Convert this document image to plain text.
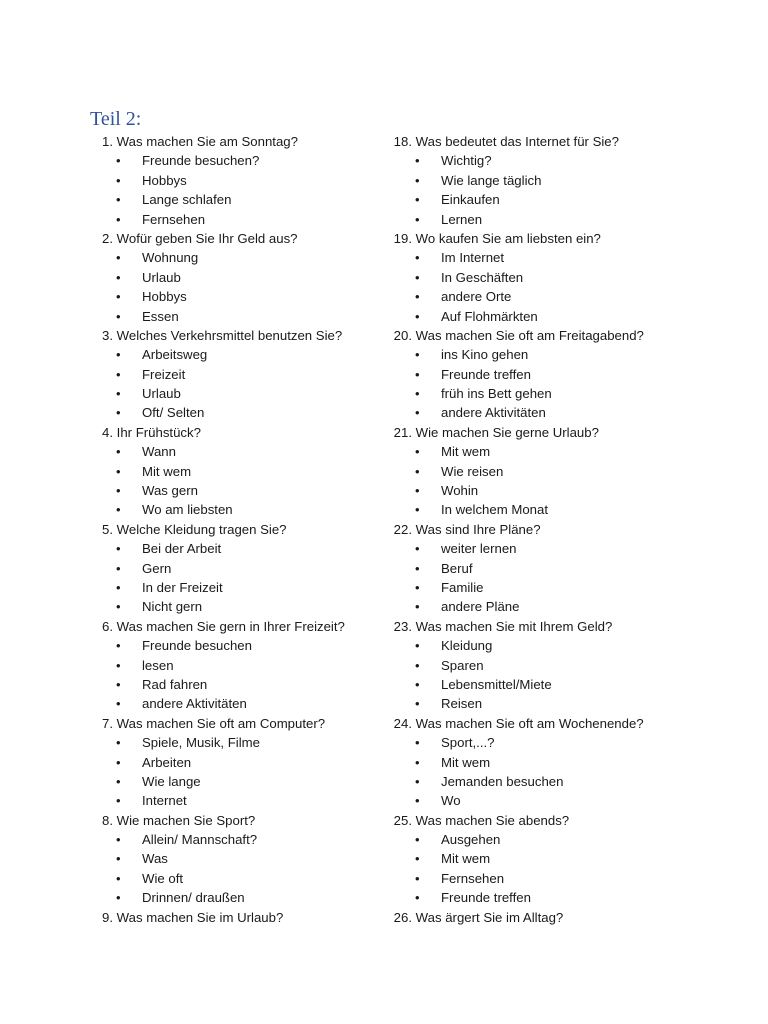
Teil 2:
1. Was machen Sie am Sonntag?
• Freunde besuchen?
• Hobbys
• Lange schlafen
• Fernsehen
2. Wofür geben Sie Ihr Geld aus?
• Wohnung
• Urlaub
• Hobbys
• Essen
3. Welches Verkehrsmittel benutzen Sie?
• Arbeitsweg
• Freizeit
• Urlaub
• Oft/ Selten
4. Ihr Frühstück?
• Wann
• Mit wem
• Was gern
• Wo am liebsten
5. Welche Kleidung tragen Sie?
• Bei der Arbeit
• Gern
• In der Freizeit
• Nicht gern
6. Was machen Sie gern in Ihrer Freizeit?
• Freunde besuchen
• lesen
• Rad fahren
• andere Aktivitäten
7. Was machen Sie oft am Computer?
• Spiele, Musik, Filme
• Arbeiten
• Wie lange
• Internet
8. Wie machen Sie Sport?
• Allein/ Mannschaft?
• Was
• Wie oft
• Drinnen/ draußen
9. Was machen Sie im Urlaub?
18. Was bedeutet das Internet für Sie?
• Wichtig?
• Wie lange täglich
• Einkaufen
• Lernen
19. Wo kaufen Sie am liebsten ein?
• Im Internet
• In Geschäften
• andere Orte
• Auf Flohmärkten
20. Was machen Sie oft am Freitagabend?
• ins Kino gehen
• Freunde treffen
• früh ins Bett gehen
• andere Aktivitäten
21. Wie machen Sie gerne Urlaub?
• Mit wem
• Wie reisen
• Wohin
• In welchem Monat
22. Was sind Ihre Pläne?
• weiter lernen
• Beruf
• Familie
• andere Pläne
23. Was machen Sie mit Ihrem Geld?
• Kleidung
• Sparen
• Lebensmittel/Miete
• Reisen
24. Was machen Sie oft am Wochenende?
• Sport,...?
• Mit wem
• Jemanden besuchen
• Wo
25. Was machen Sie abends?
• Ausgehen
• Mit wem
• Fernsehen
• Freunde treffen
26. Was ärgert Sie im Alltag?
